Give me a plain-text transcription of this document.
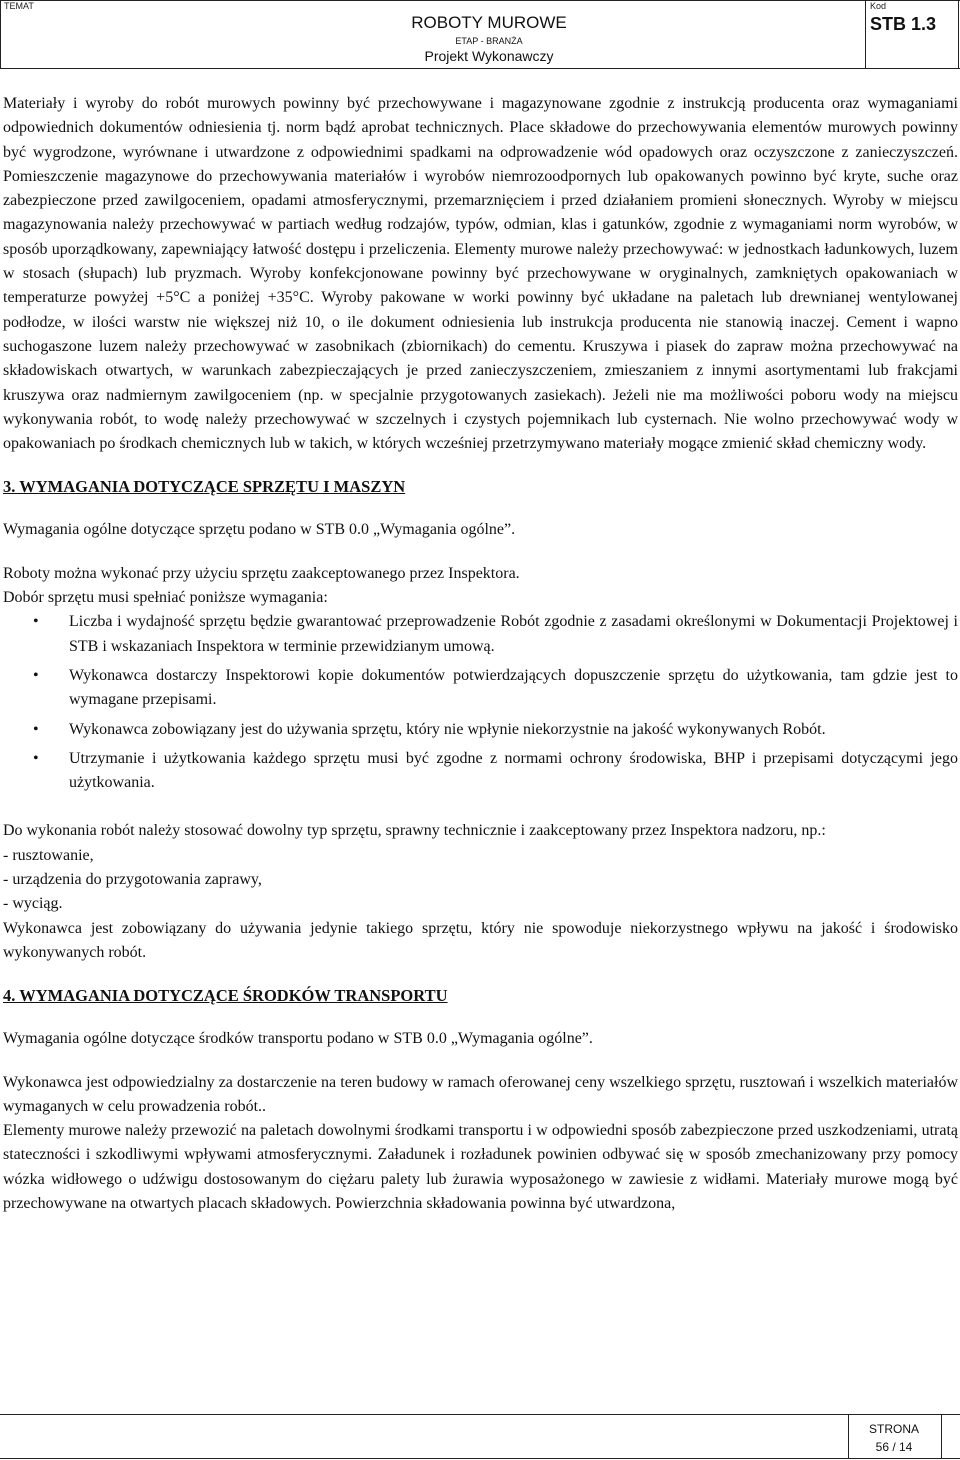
TEMAT
ROBOTY MUROWE
ETAP - BRANŻA
Projekt Wykonawczy
Kod
STB 1.3

Materiały i wyroby do robót murowych powinny być przechowywane i magazynowane zgodnie z instrukcją producenta oraz wymaganiami odpowiednich dokumentów odniesienia tj. norm bądź aprobat technicznych. Place składowe do przechowywania elementów murowych powinny być wygrodzone, wyrównane i utwardzone z odpowiednimi spadkami na odprowadzenie wód opadowych oraz oczyszczone z zanieczyszczeń. Pomieszczenie magazynowe do przechowywania materiałów i wyrobów niemrozoodpornych lub opakowanych powinno być kryte, suche oraz zabezpieczone przed zawilgoceniem, opadami atmosferycznymi, przemarznięciem i przed działaniem promieni słonecznych. Wyroby w miejscu magazynowania należy przechowywać w partiach według rodzajów, typów, odmian, klas i gatunków, zgodnie z wymaganiami norm wyrobów, w sposób uporządkowany, zapewniający łatwość dostępu i przeliczenia. Elementy murowe należy przechowywać: w jednostkach ładunkowych, luzem w stosach (słupach) lub pryzmach. Wyroby konfekcjonowane powinny być przechowywane w oryginalnych, zamkniętych opakowaniach w temperaturze powyżej +5°C a poniżej +35°C. Wyroby pakowane w worki powinny być układane na paletach lub drewnianej wentylowanej podłodze, w ilości warstw nie większej niż 10, o ile dokument odniesienia lub instrukcja producenta nie stanowią inaczej. Cement i wapno suchogaszone luzem należy przechowywać w zasobnikach (zbiornikach) do cementu. Kruszywa i piasek do zapraw można przechowywać na składowiskach otwartych, w warunkach zabezpieczających je przed zanieczyszczeniem, zmieszaniem z innymi asortymentami lub frakcjami kruszywa oraz nadmiernym zawilgoceniem (np. w specjalnie przygotowanych zasiekach). Jeżeli nie ma możliwości poboru wody na miejscu wykonywania robót, to wodę należy przechowywać w szczelnych i czystych pojemnikach lub cysternach. Nie wolno przechowywać wody w opakowaniach po środkach chemicznych lub w takich, w których wcześniej przetrzymywano materiały mogące zmienić skład chemiczny wody.

3. WYMAGANIA DOTYCZĄCE SPRZĘTU I MASZYN

Wymagania ogólne dotyczące sprzętu podano w STB 0.0 „Wymagania ogólne”.

Roboty można wykonać przy użyciu sprzętu zaakceptowanego przez Inspektora.

Dobór sprzętu musi spełniać poniższe wymagania:

• Liczba i wydajność sprzętu będzie gwarantować przeprowadzenie Robót zgodnie z zasadami określonymi w Dokumentacji Projektowej i STB i wskazaniach Inspektora w terminie przewidzianym umową.
• Wykonawca dostarczy Inspektorowi kopie dokumentów potwierdzających dopuszczenie sprzętu do użytkowania, tam gdzie jest to wymagane przepisami.
• Wykonawca zobowiązany jest do używania sprzętu, który nie wpłynie niekorzystnie na jakość wykonywanych Robót.
• Utrzymanie i użytkowania każdego sprzętu musi być zgodne z normami ochrony środowiska, BHP i przepisami dotyczącymi jego użytkowania.

Do wykonania robót należy stosować dowolny typ sprzętu, sprawny technicznie i zaakceptowany przez Inspektora nadzoru, np.:

- rusztowanie,

- urządzenia do przygotowania zaprawy,

- wyciąg.

Wykonawca jest zobowiązany do używania jedynie takiego sprzętu, który nie spowoduje niekorzystnego wpływu na jakość i środowisko wykonywanych robót.

4. WYMAGANIA DOTYCZĄCE ŚRODKÓW TRANSPORTU

Wymagania ogólne dotyczące środków transportu podano w STB 0.0 „Wymagania ogólne”.

Wykonawca jest odpowiedzialny za dostarczenie na teren budowy w ramach oferowanej ceny wszelkiego sprzętu, rusztowań i wszelkich materiałów wymaganych w celu prowadzenia robót..

Elementy murowe należy przewozić na paletach dowolnymi środkami transportu i w odpowiedni sposób zabezpieczone przed uszkodzeniami, utratą stateczności i szkodliwymi wpływami atmosferycznymi. Załadunek i rozładunek powinien odbywać się w sposób zmechanizowany przy pomocy wózka widłowego o udźwigu dostosowanym do ciężaru palety lub żurawia wyposażonego w zawiesie z widłami. Materiały murowe mogą być przechowywane na otwartych placach składowych. Powierzchnia składowania powinna być utwardzona,

STRONA
56 / 14
